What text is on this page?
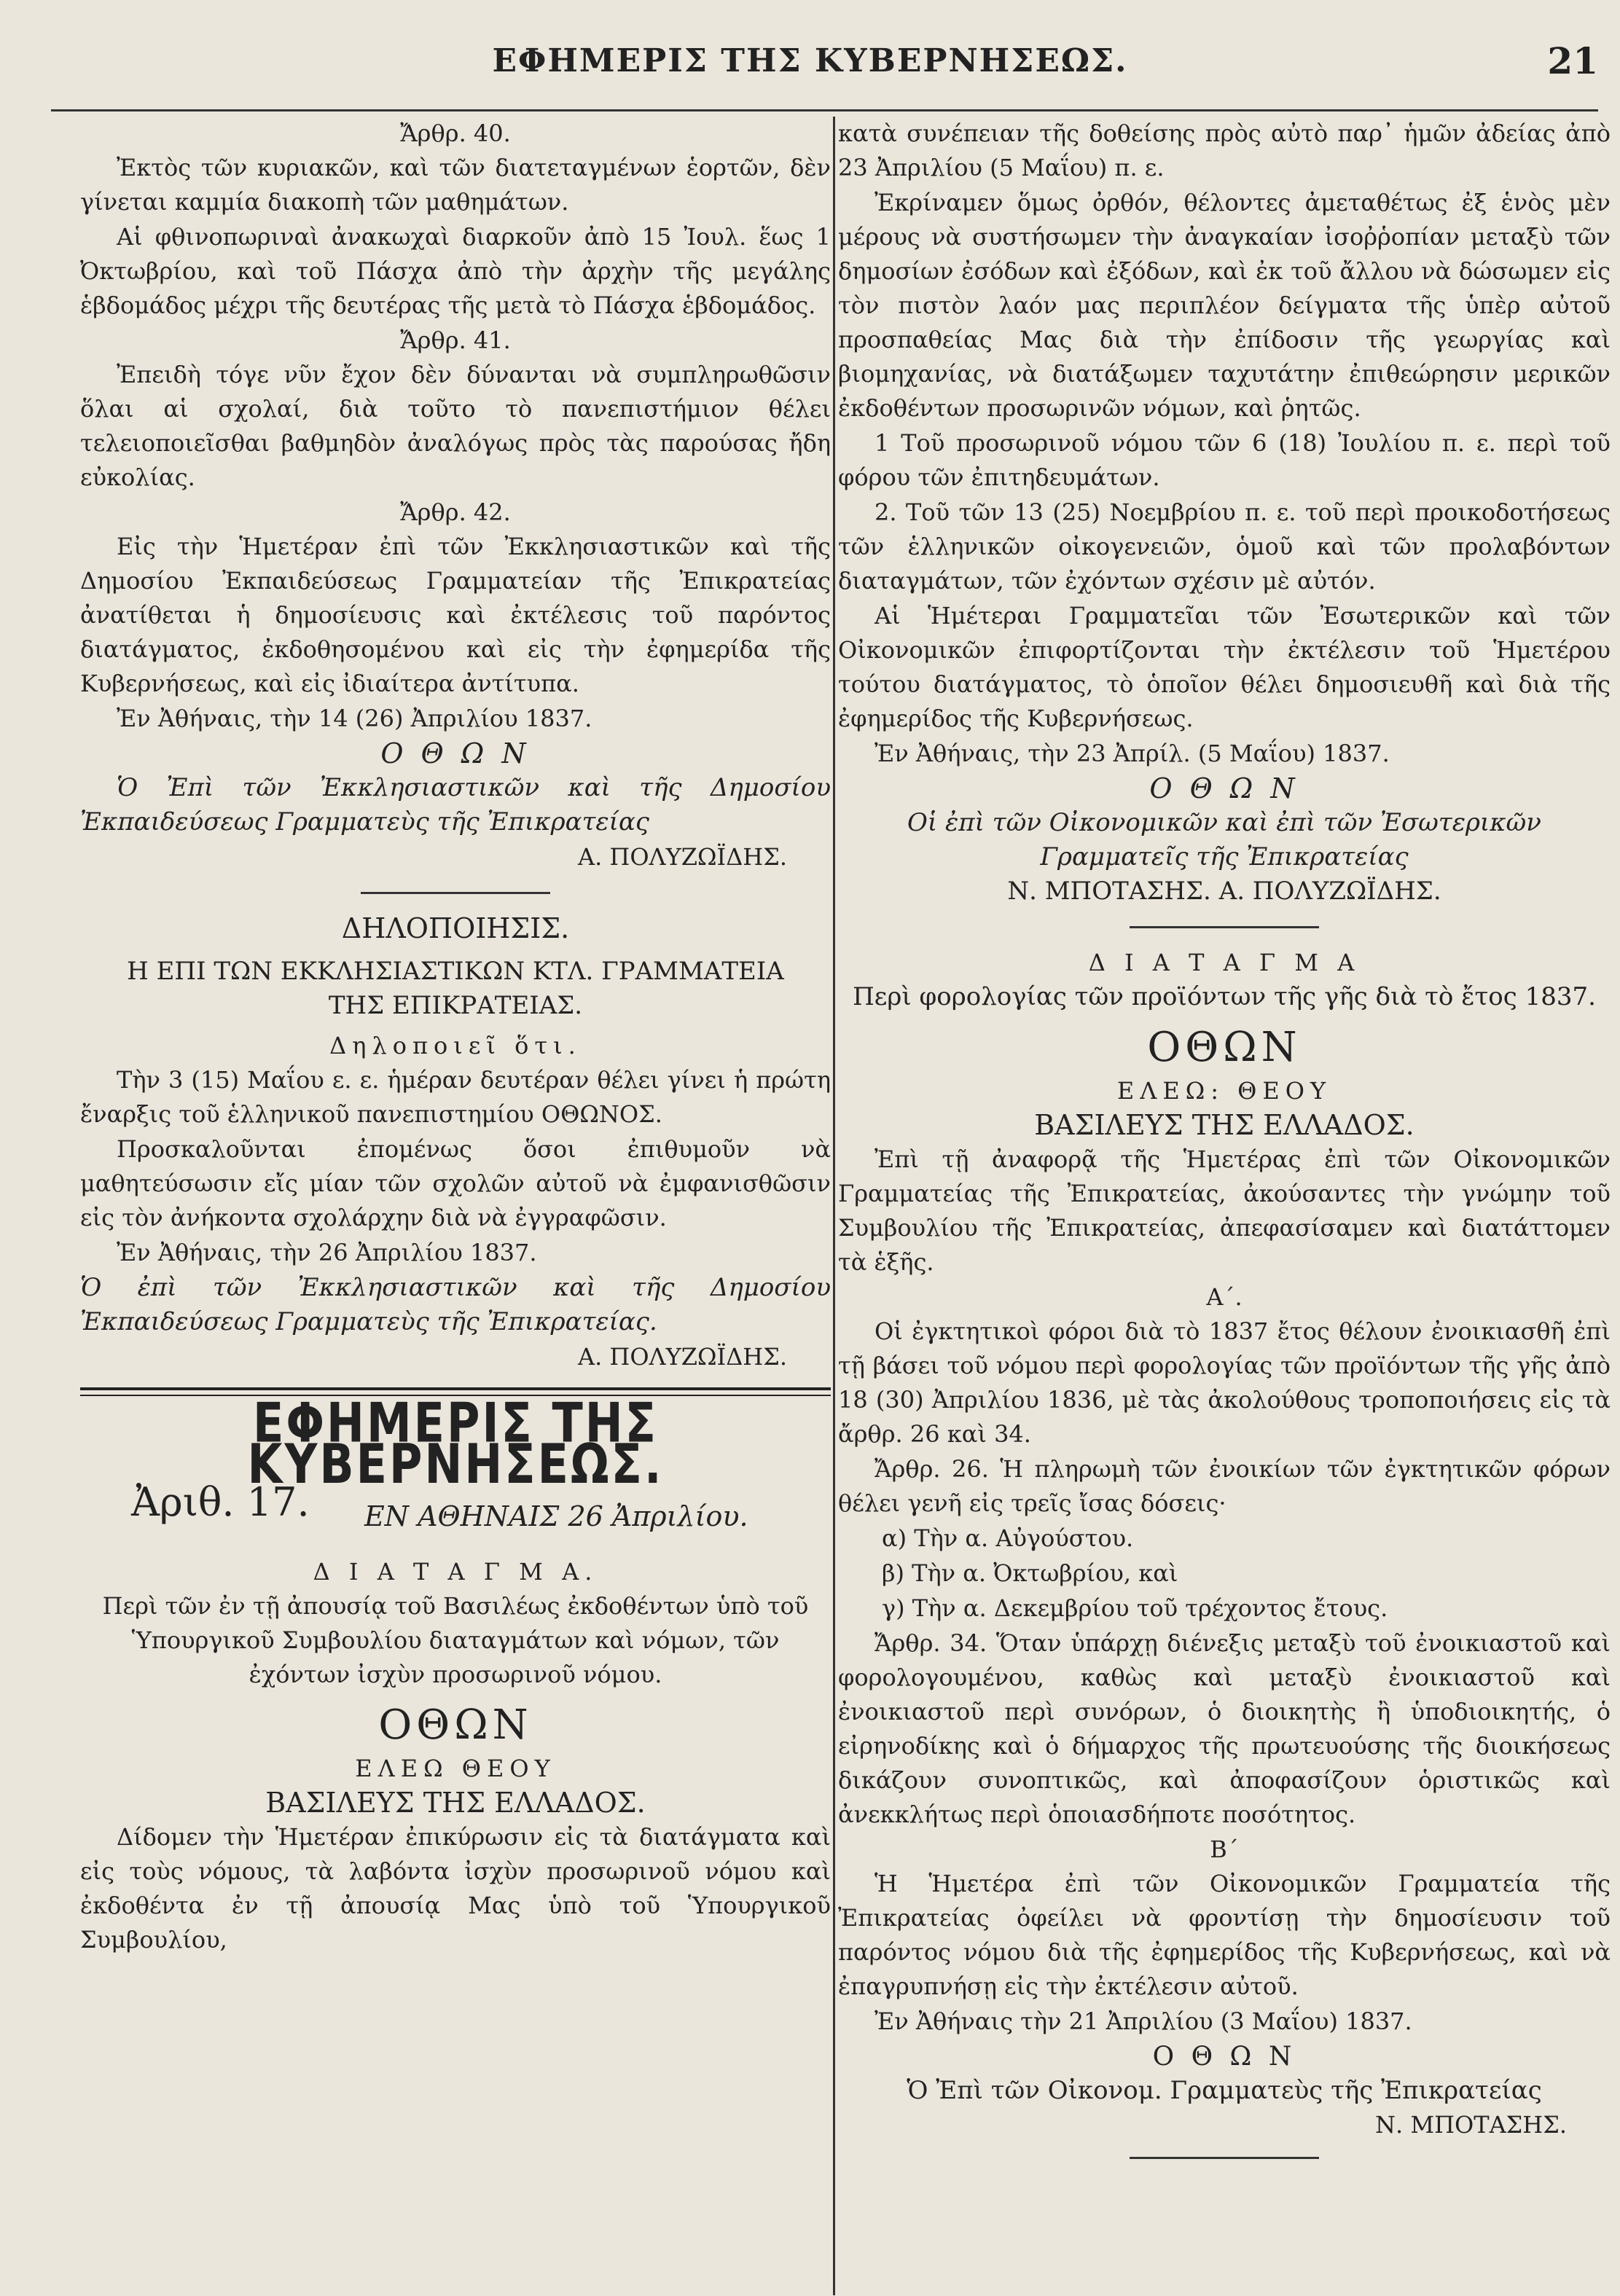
ΕΦΗΜΕΡΙΣ ΤΗΣ ΚΥΒΕΡΝΗΣΕΩΣ.	21
Ἄρθρ. 40.

Ἐκτὸς τῶν κυριακῶν, καὶ τῶν διατεταγμένων ἑορτῶν, δὲν γίνεται καμμία διακοπὴ τῶν μαθημάτων.

Αἱ φθινοπωριναὶ ἀνακωχαὶ διαρκοῦν ἀπὸ 15 Ἰουλ. ἕως 1 Ὀκτωβρίου, καὶ τοῦ Πάσχα ἀπὸ τὴν ἀρχὴν τῆς μεγάλης ἑβδομάδος μέχρι τῆς δευτέρας τῆς μετὰ τὸ Πάσχα ἑβδομάδος.

Ἄρθρ. 41.

Ἐπειδὴ τόγε νῦν ἔχον δὲν δύνανται νὰ συμπληρωθῶσιν ὅλαι αἱ σχολαί, διὰ τοῦτο τὸ πανεπιστήμιον θέλει τελειοποιεῖσθαι βαθμηδὸν ἀναλόγως πρὸς τὰς παρούσας ἤδη εὐκολίας.

Ἄρθρ. 42.

Εἰς τὴν Ἡμετέραν ἐπὶ τῶν Ἐκκλησιαστικῶν καὶ τῆς Δημοσίου Ἐκπαιδεύσεως Γραμματείαν τῆς Ἐπικρατείας ἀνατίθεται ἡ δημοσίευσις καὶ ἐκτέλεσις τοῦ παρόντος διατάγματος, ἐκδοθησομένου καὶ εἰς τὴν ἐφημερίδα τῆς Κυβερνήσεως, καὶ εἰς ἰδιαίτερα ἀντίτυπα.

Ἐν Ἀθήναις, τὴν 14 (26) Ἀπριλίου 1837.

Ο Θ Ω Ν

Ὁ Ἐπὶ τῶν Ἐκκλησιαστικῶν καὶ τῆς Δημοσίου Ἐκπαιδεύσεως Γραμματεὺς τῆς Ἐπικρατείας

Α. ΠΟΛΥΖΩΪΔΗΣ.
ΔΗΛΟΠΟΙΗΣΙΣ.
Η ΕΠΙ ΤΩΝ ΕΚΚΛΗΣΙΑΣΤΙΚΩΝ ΚΤΛ. ΓΡΑΜΜΑΤΕΙΑ
ΤΗΣ ΕΠΙΚΡΑΤΕΙΑΣ.
Δηλοποιεῖ ὅτι.

Τὴν 3 (15) Μαΐου ε. ε. ἡμέραν δευτέραν θέλει γίνει ἡ πρώτη ἔναρξις τοῦ ἑλληνικοῦ πανεπιστημίου ΟΘΩΝΟΣ.

Προσκαλοῦνται ἐπομένως ὅσοι ἐπιθυμοῦν νὰ μαθητεύσωσιν εἴς μίαν τῶν σχολῶν αὐτοῦ νὰ ἐμφανισθῶσιν εἰς τὸν ἀνήκοντα σχολάρχην διὰ νὰ ἐγγραφῶσιν.

Ἐν Ἀθήναις, τὴν 26 Ἀπριλίου 1837.

Ὁ ἐπὶ τῶν Ἐκκλησιαστικῶν καὶ τῆς Δημοσίου Ἐκπαιδεύσεως Γραμματεὺς τῆς Ἐπικρατείας.

Α. ΠΟΛΥΖΩΪΔΗΣ.
ΕΦΗΜΕΡΙΣ ΤΗΣ ΚΥΒΕΡΝΗΣΕΩΣ.
Ἀριθ. 17. ΕΝ ΑΘΗΝΑΙΣ 26 Ἀπριλίου.
Δ Ι Α Τ Α Γ Μ Α.

Περὶ τῶν ἐν τῇ ἀπουσίᾳ τοῦ Βασιλέως ἐκδοθέντων ὑπὸ τοῦ Ὑπουργικοῦ Συμβουλίου διαταγμάτων καὶ νόμων, τῶν ἐχόντων ἰσχὺν προσωρινοῦ νόμου.

ΟΘΩΝ
ΕΛΕΩ ΘΕΟΥ
ΒΑΣΙΛΕΥΣ ΤΗΣ ΕΛΛΑΔΟΣ.

Δίδομεν τὴν Ἡμετέραν ἐπικύρωσιν εἰς τὰ διατάγματα καὶ εἰς τοὺς νόμους, τὰ λαβόντα ἰσχὺν προσωρινοῦ νόμου καὶ ἐκδοθέντα ἐν τῇ ἀπουσίᾳ Μας ὑπὸ τοῦ Ὑπουργικοῦ Συμβουλίου,

κατὰ συνέπειαν τῆς δοθείσης πρὸς αὐτὸ παρ᾽ ἡμῶν ἀδείας ἀπὸ 23 Ἀπριλίου (5 Μαΐου) π. ε.

Ἐκρίναμεν ὅμως ὀρθόν, θέλοντες ἀμεταθέτως ἐξ ἑνὸς μὲν μέρους νὰ συστήσωμεν τὴν ἀναγκαίαν ἰσοῤῥοπίαν μεταξὺ τῶν δημοσίων ἐσόδων καὶ ἐξόδων, καὶ ἐκ τοῦ ἄλλου νὰ δώσωμεν εἰς τὸν πιστὸν λαόν μας περιπλέον δείγματα τῆς ὑπὲρ αὐτοῦ προσπαθείας Μας διὰ τὴν ἐπίδοσιν τῆς γεωργίας καὶ βιομηχανίας, νὰ διατάξωμεν ταχυτάτην ἐπιθεώρησιν μερικῶν ἐκδοθέντων προσωρινῶν νόμων, καὶ ῥητῶς.

1 Τοῦ προσωρινοῦ νόμου τῶν 6 (18) Ἰουλίου π. ε. περὶ τοῦ φόρου τῶν ἐπιτηδευμάτων.

2. Τοῦ τῶν 13 (25) Νοεμβρίου π. ε. τοῦ περὶ προικοδοτήσεως τῶν ἑλληνικῶν οἰκογενειῶν, ὁμοῦ καὶ τῶν προλαβόντων διαταγμάτων, τῶν ἐχόντων σχέσιν μὲ αὐτόν.

Αἱ Ἡμέτεραι Γραμματεῖαι τῶν Ἐσωτερικῶν καὶ τῶν Οἰκονομικῶν ἐπιφορτίζονται τὴν ἐκτέλεσιν τοῦ Ἡμετέρου τούτου διατάγματος, τὸ ὁποῖον θέλει δημοσιευθῆ καὶ διὰ τῆς ἐφημερίδος τῆς Κυβερνήσεως.

Ἐν Ἀθήναις, τὴν 23 Ἀπρίλ. (5 Μαΐου) 1837.

Ο Θ Ω Ν
Οἱ ἐπὶ τῶν Οἰκονομικῶν καὶ ἐπὶ τῶν Ἐσωτερικῶν
Γραμματεῖς τῆς Ἐπικρατείας
Ν. ΜΠΟΤΑΣΗΣ. Α. ΠΟΛΥΖΩΪΔΗΣ.
Δ Ι Α Τ Α Γ Μ Α
Περὶ φορολογίας τῶν προϊόντων τῆς γῆς διὰ τὸ ἔτος 1837.
ΟΘΩΝ
ΕΛΕΩ: ΘΕΟΥ
ΒΑΣΙΛΕΥΣ ΤΗΣ ΕΛΛΑΔΟΣ.

Ἐπὶ τῇ ἀναφορᾷ τῆς Ἡμετέρας ἐπὶ τῶν Οἰκονομικῶν Γραμματείας τῆς Ἐπικρατείας, ἀκούσαντες τὴν γνώμην τοῦ Συμβουλίου τῆς Ἐπικρατείας, ἀπεφασίσαμεν καὶ διατάττομεν τὰ ἑξῆς.

Α΄.

Οἱ ἐγκτητικοὶ φόροι διὰ τὸ 1837 ἔτος θέλουν ἐνοικιασθῆ ἐπὶ τῇ βάσει τοῦ νόμου περὶ φορολογίας τῶν προϊόντων τῆς γῆς ἀπὸ 18 (30) Ἀπριλίου 1836, μὲ τὰς ἀκολούθους τροποποιήσεις εἰς τὰ ἄρθρ. 26 καὶ 34.

Ἄρθρ. 26. Ἡ πληρωμὴ τῶν ἐνοικίων τῶν ἐγκτητικῶν φόρων θέλει γενῆ εἰς τρεῖς ἴσας δόσεις·

α) Τὴν α. Αὐγούστου.

β) Τὴν α. Ὀκτωβρίου, καὶ

γ) Τὴν α. Δεκεμβρίου τοῦ τρέχοντος ἔτους.

Ἄρθρ. 34. Ὅταν ὑπάρχῃ διένεξις μεταξὺ τοῦ ἐνοικιαστοῦ καὶ φορολογουμένου, καθὼς καὶ μεταξὺ ἐνοικιαστοῦ καὶ ἐνοικιαστοῦ περὶ συνόρων, ὁ διοικητὴς ἢ ὑποδιοικητής, ὁ εἰρηνοδίκης καὶ ὁ δήμαρχος τῆς πρωτευούσης τῆς διοικήσεως δικάζουν συνοπτικῶς, καὶ ἀποφασίζουν ὁριστικῶς καὶ ἀνεκκλήτως περὶ ὁποιασδήποτε ποσότητος.

Β΄

Ἡ Ἡμετέρα ἐπὶ τῶν Οἰκονομικῶν Γραμματεία τῆς Ἐπικρατείας ὀφείλει νὰ φροντίσῃ τὴν δημοσίευσιν τοῦ παρόντος νόμου διὰ τῆς ἐφημερίδος τῆς Κυβερνήσεως, καὶ νὰ ἐπαγρυπνήσῃ εἰς τὴν ἐκτέλεσιν αὐτοῦ.

Ἐν Ἀθήναις τὴν 21 Ἀπριλίου (3 Μαΐου) 1837.

Ο Θ Ω Ν
Ὁ Ἐπὶ τῶν Οἰκονομ. Γραμματεὺς τῆς Ἐπικρατείας
Ν. ΜΠΟΤΑΣΗΣ.
